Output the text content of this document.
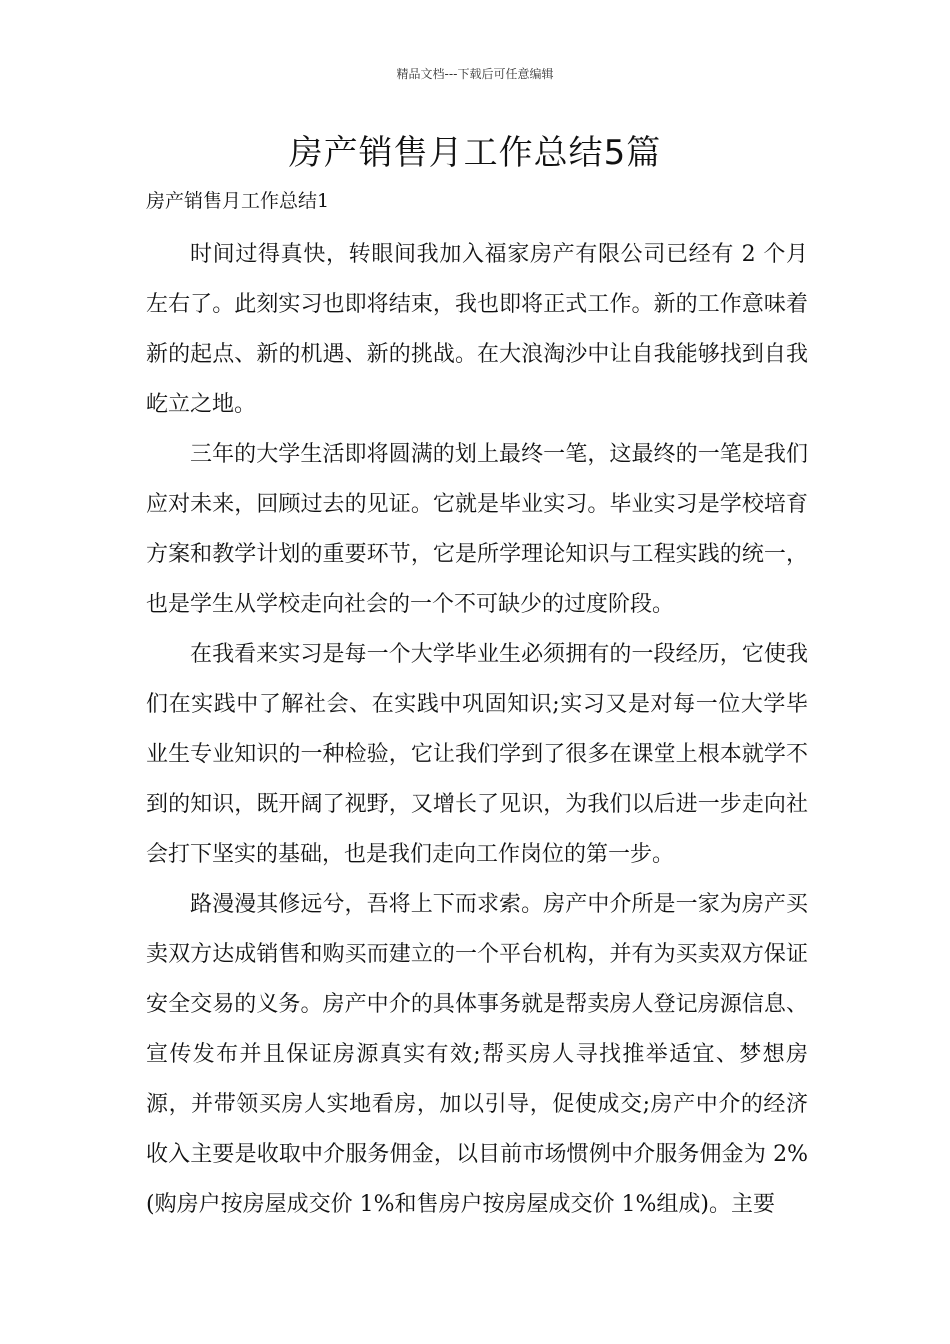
精品文档---下载后可任意编辑
房产销售月工作总结5篇
房产销售月工作总结1

时间过得真快，转眼间我加入福家房产有限公司已经有 2 个月左右了。此刻实习也即将结束，我也即将正式工作。新的工作意味着新的起点、新的机遇、新的挑战。在大浪淘沙中让自我能够找到自我屹立之地。

三年的大学生活即将圆满的划上最终一笔，这最终的一笔是我们应对未来，回顾过去的见证。它就是毕业实习。毕业实习是学校培育方案和教学计划的重要环节，它是所学理论知识与工程实践的统一，也是学生从学校走向社会的一个不可缺少的过度阶段。

在我看来实习是每一个大学毕业生必须拥有的一段经历，它使我们在实践中了解社会、在实践中巩固知识;实习又是对每一位大学毕业生专业知识的一种检验，它让我们学到了很多在课堂上根本就学不到的知识，既开阔了视野，又增长了见识，为我们以后进一步走向社会打下坚实的基础，也是我们走向工作岗位的第一步。

路漫漫其修远兮，吾将上下而求索。房产中介所是一家为房产买卖双方达成销售和购买而建立的一个平台机构，并有为买卖双方保证安全交易的义务。房产中介的具体事务就是帮卖房人登记房源信息、宣传发布并且保证房源真实有效;帮买房人寻找推举适宜、梦想房源，并带领买房人实地看房，加以引导，促使成交;房产中介的经济收入主要是收取中介服务佣金，以目前市场惯例中介服务佣金为 2%(购房户按房屋成交价 1%和售房户按房屋成交价 1%组成)。主要
